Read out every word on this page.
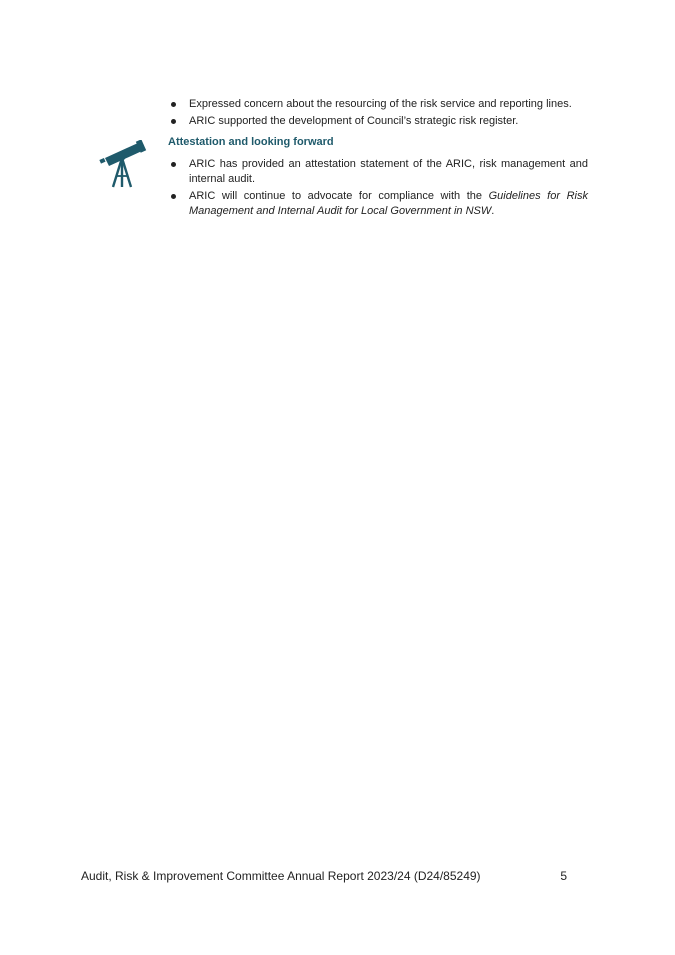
Expressed concern about the resourcing of the risk service and reporting lines.
ARIC supported the development of Council’s strategic risk register.
Attestation and looking forward
ARIC has provided an attestation statement of the ARIC, risk management and internal audit.
ARIC will continue to advocate for compliance with the Guidelines for Risk Management and Internal Audit for Local Government in NSW.
Audit, Risk & Improvement Committee Annual Report 2023/24 (D24/85249)	5
